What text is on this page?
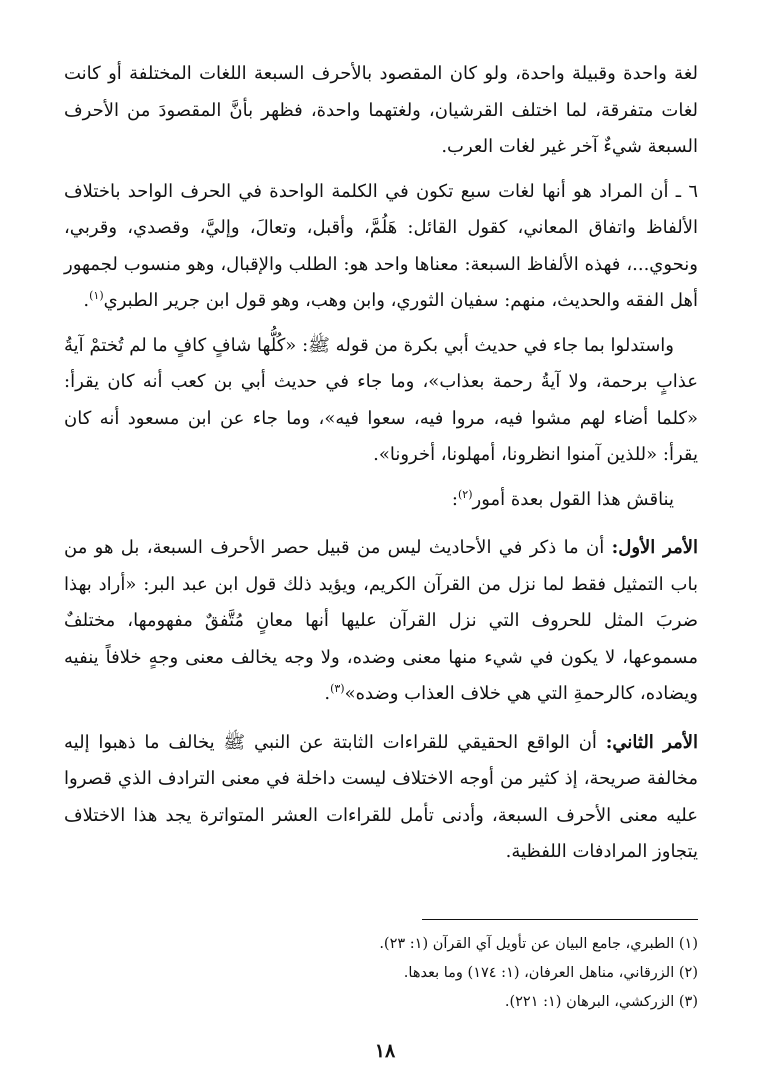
لغة واحدة وقبيلة واحدة، ولو كان المقصود بالأحرف السبعة اللغات المختلفة أو كانت لغات متفرقة، لما اختلف القرشيان، ولغتهما واحدة، فظهر بأنَّ المقصودَ من الأحرف السبعة شيءٌ آخر غير لغات العرب.

٦ ـ أن المراد هو أنها لغات سبع تكون في الكلمة الواحدة في الحرف الواحد باختلاف الألفاظ واتفاق المعاني، كقول القائل: هَلُمَّ، وأقبل، وتعالَ، وإليَّ، وقصدي، وقربي، ونحوي...، فهذه الألفاظ السبعة: معناها واحد هو: الطلب والإقبال، وهو منسوب لجمهور أهل الفقه والحديث، منهم: سفيان الثوري، وابن وهب، وهو قول ابن جرير الطبري$^{(١)}$.

واستدلوا بما جاء في حديث أبي بكرة من قوله ﷺ: «كُلُّها شافٍ كافٍ ما لم تُختمْ آيةُ عذابٍ برحمة، ولا آيةُ رحمة بعذاب»، وما جاء في حديث أبي بن كعب أنه كان يقرأ: «كلما أضاء لهم مشوا فيه، مروا فيه، سعوا فيه»، وما جاء عن ابن مسعود أنه كان يقرأ: «للذين آمنوا انظرونا، أمهلونا، أخرونا».

يناقش هذا القول بعدة أمور$^{(٢)}$:

الأمر الأول: أن ما ذكر في الأحاديث ليس من قبيل حصر الأحرف السبعة، بل هو من باب التمثيل فقط لما نزل من القرآن الكريم، ويؤيد ذلك قول ابن عبد البر: «أراد بهذا ضربَ المثل للحروف التي نزل القرآن عليها أنها معانٍ مُتَّفقٌ مفهومها، مختلفٌ مسموعها، لا يكون في شيء منها معنى وضده، ولا وجه يخالف معنى وجهٍ خلافاً ينفيه ويضاده، كالرحمةِ التي هي خلاف العذاب وضده»$^{(٣)}$.

الأمر الثاني: أن الواقع الحقيقي للقراءات الثابتة عن النبي ﷺ يخالف ما ذهبوا إليه مخالفة صريحة، إذ كثير من أوجه الاختلاف ليست داخلة في معنى الترادف الذي قصروا عليه معنى الأحرف السبعة، وأدنى تأمل للقراءات العشر المتواترة يجد هذا الاختلاف يتجاوز المرادفات اللفظية.

(١) الطبري، جامع البيان عن تأويل آي القرآن (١: ٢٣).

(٢) الزرقاني، مناهل العرفان، (١: ١٧٤) وما بعدها.

(٣) الزركشي، البرهان (١: ٢٢١).

١٨
